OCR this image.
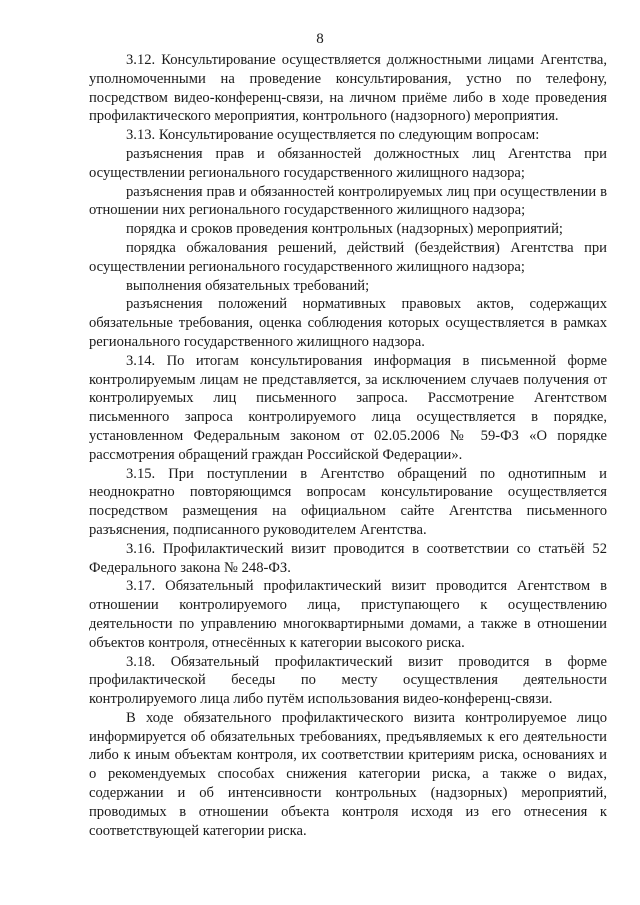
8

3.12. Консультирование осуществляется должностными лицами Агентства, уполномоченными на проведение консультирования, устно по телефону, посредством видео-конференц-связи, на личном приёме либо в ходе проведения профилактического мероприятия, контрольного (надзорного) мероприятия.

3.13. Консультирование осуществляется по следующим вопросам:

разъяснения прав и обязанностей должностных лиц Агентства при осуществлении регионального государственного жилищного надзора;

разъяснения прав и обязанностей контролируемых лиц при осуществлении в отношении них регионального государственного жилищного надзора;

порядка и сроков проведения контрольных (надзорных) мероприятий;

порядка обжалования решений, действий (бездействия) Агентства при осуществлении регионального государственного жилищного надзора;

выполнения обязательных требований;

разъяснения положений нормативных правовых актов, содержащих обязательные требования, оценка соблюдения которых осуществляется в рамках регионального государственного жилищного надзора.

3.14. По итогам консультирования информация в письменной форме контролируемым лицам не представляется, за исключением случаев получения от контролируемых лиц письменного запроса. Рассмотрение Агентством письменного запроса контролируемого лица осуществляется в порядке, установленном Федеральным законом от 02.05.2006 № 59-ФЗ «О порядке рассмотрения обращений граждан Российской Федерации».

3.15. При поступлении в Агентство обращений по однотипным и неоднократно повторяющимся вопросам консультирование осуществляется посредством размещения на официальном сайте Агентства письменного разъяснения, подписанного руководителем Агентства.

3.16. Профилактический визит проводится в соответствии со статьёй 52 Федерального закона № 248-ФЗ.

3.17. Обязательный профилактический визит проводится Агентством в отношении контролируемого лица, приступающего к осуществлению деятельности по управлению многоквартирными домами, а также в отношении объектов контроля, отнесённых к категории высокого риска.

3.18. Обязательный профилактический визит проводится в форме профилактической беседы по месту осуществления деятельности контролируемого лица либо путём использования видео-конференц-связи.

В ходе обязательного профилактического визита контролируемое лицо информируется об обязательных требованиях, предъявляемых к его деятельности либо к иным объектам контроля, их соответствии критериям риска, основаниях и о рекомендуемых способах снижения категории риска, а также о видах, содержании и об интенсивности контрольных (надзорных) мероприятий, проводимых в отношении объекта контроля исходя из его отнесения к соответствующей категории риска.
